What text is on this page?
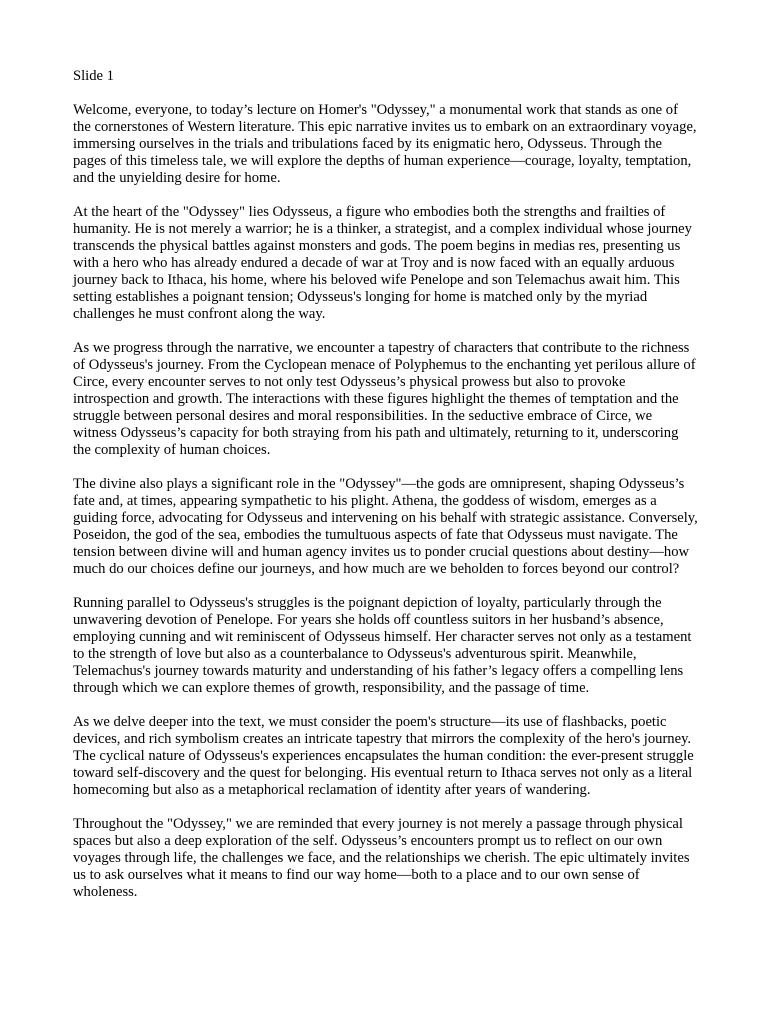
Slide 1

Welcome, everyone, to today’s lecture on Homer's "Odyssey," a monumental work that stands as one of the cornerstones of Western literature. This epic narrative invites us to embark on an extraordinary voyage, immersing ourselves in the trials and tribulations faced by its enigmatic hero, Odysseus. Through the pages of this timeless tale, we will explore the depths of human experience—courage, loyalty, temptation, and the unyielding desire for home.

At the heart of the "Odyssey" lies Odysseus, a figure who embodies both the strengths and frailties of humanity. He is not merely a warrior; he is a thinker, a strategist, and a complex individual whose journey transcends the physical battles against monsters and gods. The poem begins in medias res, presenting us with a hero who has already endured a decade of war at Troy and is now faced with an equally arduous journey back to Ithaca, his home, where his beloved wife Penelope and son Telemachus await him. This setting establishes a poignant tension; Odysseus's longing for home is matched only by the myriad challenges he must confront along the way.

As we progress through the narrative, we encounter a tapestry of characters that contribute to the richness of Odysseus's journey. From the Cyclopean menace of Polyphemus to the enchanting yet perilous allure of Circe, every encounter serves to not only test Odysseus’s physical prowess but also to provoke introspection and growth. The interactions with these figures highlight the themes of temptation and the struggle between personal desires and moral responsibilities. In the seductive embrace of Circe, we witness Odysseus’s capacity for both straying from his path and ultimately, returning to it, underscoring the complexity of human choices.

The divine also plays a significant role in the "Odyssey"—the gods are omnipresent, shaping Odysseus’s fate and, at times, appearing sympathetic to his plight. Athena, the goddess of wisdom, emerges as a guiding force, advocating for Odysseus and intervening on his behalf with strategic assistance. Conversely, Poseidon, the god of the sea, embodies the tumultuous aspects of fate that Odysseus must navigate. The tension between divine will and human agency invites us to ponder crucial questions about destiny—how much do our choices define our journeys, and how much are we beholden to forces beyond our control?

Running parallel to Odysseus's struggles is the poignant depiction of loyalty, particularly through the unwavering devotion of Penelope. For years she holds off countless suitors in her husband’s absence, employing cunning and wit reminiscent of Odysseus himself. Her character serves not only as a testament to the strength of love but also as a counterbalance to Odysseus's adventurous spirit. Meanwhile, Telemachus's journey towards maturity and understanding of his father’s legacy offers a compelling lens through which we can explore themes of growth, responsibility, and the passage of time.

As we delve deeper into the text, we must consider the poem's structure—its use of flashbacks, poetic devices, and rich symbolism creates an intricate tapestry that mirrors the complexity of the hero's journey. The cyclical nature of Odysseus's experiences encapsulates the human condition: the ever-present struggle toward self-discovery and the quest for belonging. His eventual return to Ithaca serves not only as a literal homecoming but also as a metaphorical reclamation of identity after years of wandering.

Throughout the "Odyssey," we are reminded that every journey is not merely a passage through physical spaces but also a deep exploration of the self. Odysseus’s encounters prompt us to reflect on our own voyages through life, the challenges we face, and the relationships we cherish. The epic ultimately invites us to ask ourselves what it means to find our way home—both to a place and to our own sense of wholeness.
